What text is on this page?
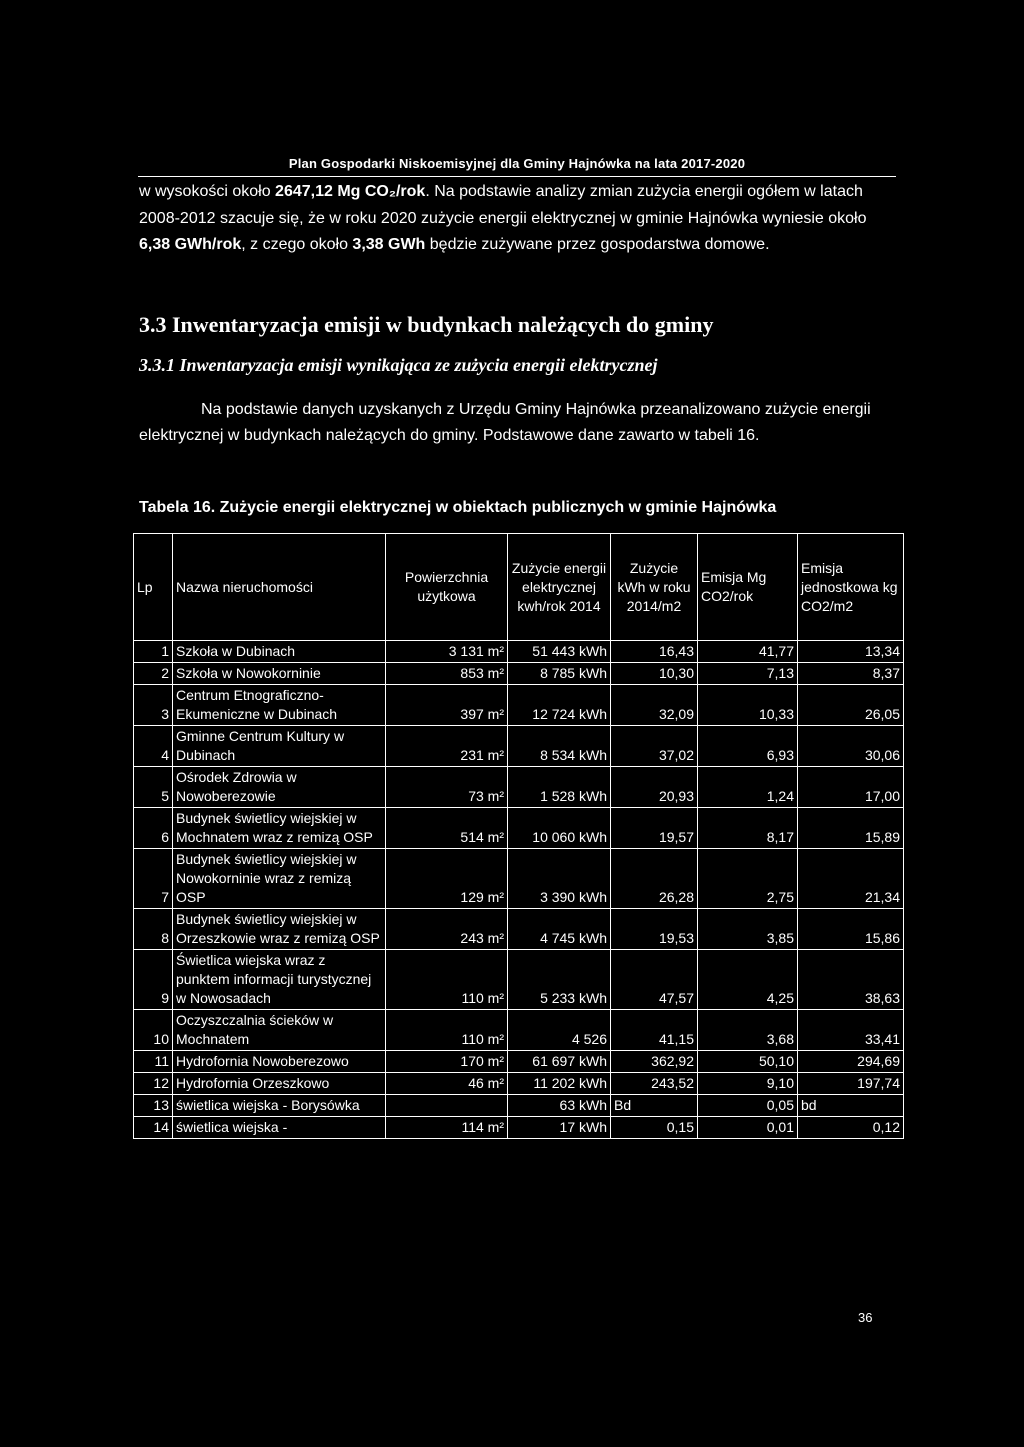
Plan Gospodarki Niskoemisyjnej dla Gminy Hajnówka na lata 2017-2020

w wysokości około 2647,12 Mg CO₂/rok. Na podstawie analizy zmian zużycia energii ogółem w latach 2008-2012 szacuje się, że w roku 2020 zużycie energii elektrycznej w gminie Hajnówka wyniesie około 6,38 GWh/rok, z czego około 3,38 GWh będzie zużywane przez gospodarstwa domowe.

3.3 Inwentaryzacja emisji w budynkach należących do gminy
3.3.1 Inwentaryzacja emisji wynikająca ze zużycia energii elektrycznej

Na podstawie danych uzyskanych z Urzędu Gminy Hajnówka przeanalizowano zużycie energii elektrycznej w budynkach należących do gminy. Podstawowe dane zawarto w tabeli 16.

Tabela 16. Zużycie energii elektrycznej w obiektach publicznych w gminie Hajnówka

Lp	Nazwa nieruchomości	Powierzchnia użytkowa	Zużycie energii elektrycznej kwh/rok 2014	Zużycie kWh w roku 2014/m2	Emisja Mg CO2/rok	Emisja jednostkowa kg CO2/m2
1	Szkoła w Dubinach	3 131 m²	51 443 kWh	16,43	41,77	13,34
2	Szkoła w Nowokorninie	853 m²	8 785 kWh	10,30	7,13	8,37
3	Centrum Etnograficzno-Ekumeniczne w Dubinach	397 m²	12 724 kWh	32,09	10,33	26,05
4	Gminne Centrum Kultury w Dubinach	231 m²	8 534 kWh	37,02	6,93	30,06
5	Ośrodek Zdrowia w Nowoberezowie	73 m²	1 528 kWh	20,93	1,24	17,00
6	Budynek świetlicy wiejskiej w Mochnatem wraz z remizą OSP	514 m²	10 060 kWh	19,57	8,17	15,89
7	Budynek świetlicy wiejskiej w Nowokorninie wraz z remizą OSP	129 m²	3 390 kWh	26,28	2,75	21,34
8	Budynek świetlicy wiejskiej w Orzeszkowie wraz z remizą OSP	243 m²	4 745 kWh	19,53	3,85	15,86
9	Świetlica wiejska wraz z punktem informacji turystycznej w Nowosadach	110 m²	5 233 kWh	47,57	4,25	38,63
10	Oczyszczalnia ścieków w Mochnatem	110 m²	4 526	41,15	3,68	33,41
11	Hydrofornia Nowoberezowo	170 m²	61 697 kWh	362,92	50,10	294,69
12	Hydrofornia Orzeszkowo	46 m²	11 202 kWh	243,52	9,10	197,74
13	świetlica wiejska - Borysówka		63 kWh	Bd	0,05	bd
14	świetlica wiejska -	114 m²	17 kWh	0,15	0,01	0,12

36
